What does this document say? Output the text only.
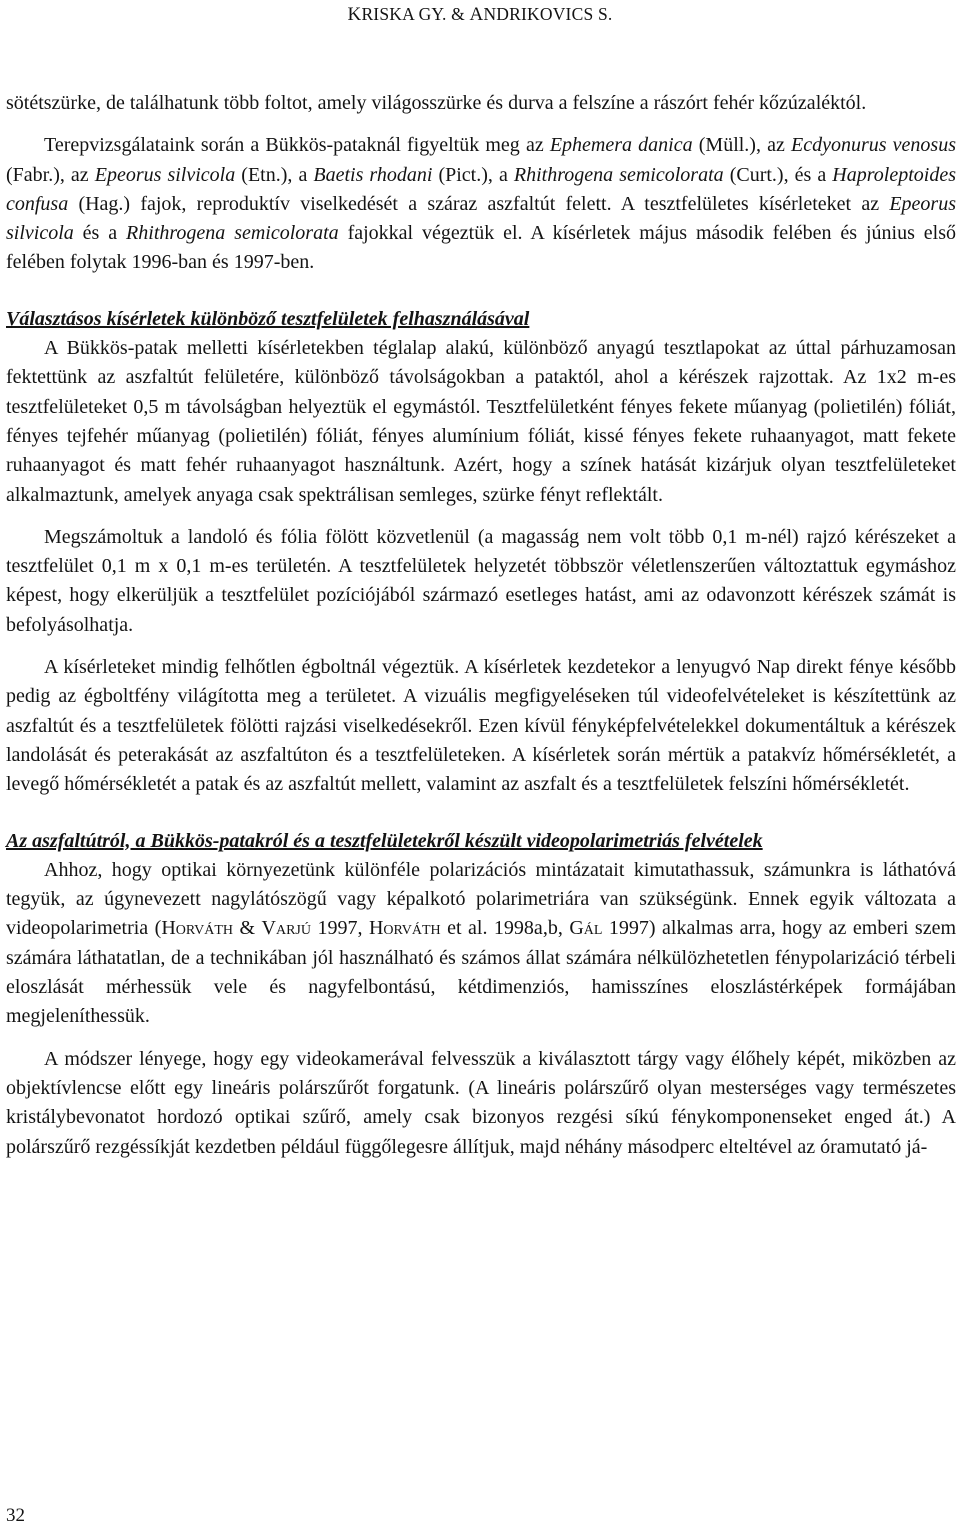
KRISKA GY. & ANDRIKOVICS S.

sötétszürke, de találhatunk több foltot, amely világosszürke és durva a felszíne a rászórt fehér kőzúzaléktól.

Terepvizsgálataink során a Bükkös-pataknál figyeltük meg az Ephemera danica (Müll.), az Ecdyonurus venosus (Fabr.), az Epeorus silvicola (Etn.), a Baetis rhodani (Pict.), a Rhithrogena semicolorata (Curt.), és a Haproleptoides confusa (Hag.) fajok, reproduktív viselkedését a száraz aszfaltút felett. A tesztfelületes kísérleteket az Epeorus silvicola és a Rhithrogena semicolorata fajokkal végeztük el. A kísérletek május második felében és június első felében folytak 1996-ban és 1997-ben.

Választásos kísérletek különböző tesztfelületek felhasználásával

A Bükkös-patak melletti kísérletekben téglalap alakú, különböző anyagú tesztlapokat az úttal párhuzamosan fektettünk az aszfaltút felületére, különböző távolságokban a pataktól, ahol a kérészek rajzottak. Az 1x2 m-es tesztfelületeket 0,5 m távolságban helyeztük el egymástól. Tesztfelületként fényes fekete műanyag (polietilén) fóliát, fényes tejfehér műanyag (polietilén) fóliát, fényes alumínium fóliát, kissé fényes fekete ruhaanyagot, matt fekete ruhaanyagot és matt fehér ruhaanyagot használtunk. Azért, hogy a színek hatását kizárjuk olyan tesztfelületeket alkalmaztunk, amelyek anyaga csak spektrálisan semleges, szürke fényt reflektált.

Megszámoltuk a landoló és fólia fölött közvetlenül (a magasság nem volt több 0,1 m-nél) rajzó kérészeket a tesztfelület 0,1 m x 0,1 m-es területén. A tesztfelületek helyzetét többször véletlenszerűen változtattuk egymáshoz képest, hogy elkerüljük a tesztfelület pozíciójából származó esetleges hatást, ami az odavonzott kérészek számát is befolyásolhatja.

A kísérleteket mindig felhőtlen égboltnál végeztük. A kísérletek kezdetekor a lenyugvó Nap direkt fénye később pedig az égboltfény világította meg a területet. A vizuális megfigyeléseken túl videofelvételeket is készítettünk az aszfaltút és a tesztfelületek fölötti rajzási viselkedésekről. Ezen kívül fényképfelvételekkel dokumentáltuk a kérészek landolását és peterakását az aszfaltúton és a tesztfelületeken. A kísérletek során mértük a patakvíz hőmérsékletét, a levegő hőmérsékletét a patak és az aszfaltút mellett, valamint az aszfalt és a tesztfelületek felszíni hőmérsékletét.

Az aszfaltútról, a Bükkös-patakról és a tesztfelületekről készült videopolarimetriás felvételek

Ahhoz, hogy optikai környezetünk különféle polarizációs mintázatait kimutathassuk, számunkra is láthatóvá tegyük, az úgynevezett nagylátószögű vagy képalkotó polarimetriára van szükségünk. Ennek egyik változata a videopolarimetria (Horváth & Varjú 1997, Horváth et al. 1998a,b, Gál 1997) alkalmas arra, hogy az emberi szem számára láthatatlan, de a technikában jól használható és számos állat számára nélkülözhetetlen fénypolarizáció térbeli eloszlását mérhessük vele és nagyfelbontású, kétdimenziós, hamisszínes eloszlástérképek formájában megjeleníthessük.

A módszer lényege, hogy egy videokamerával felvesszük a kiválasztott tárgy vagy élőhely képét, miközben az objektívlencse előtt egy lineáris polárszűrőt forgatunk. (A lineáris polárszűrő olyan mesterséges vagy természetes kristálybevonatot hordozó optikai szűrő, amely csak bizonyos rezgési síkú fénykomponenseket enged át.) A polárszűrő rezgéssíkját kezdetben például függőlegesre állítjuk, majd néhány másodperc elteltével az óramutató já-

32
